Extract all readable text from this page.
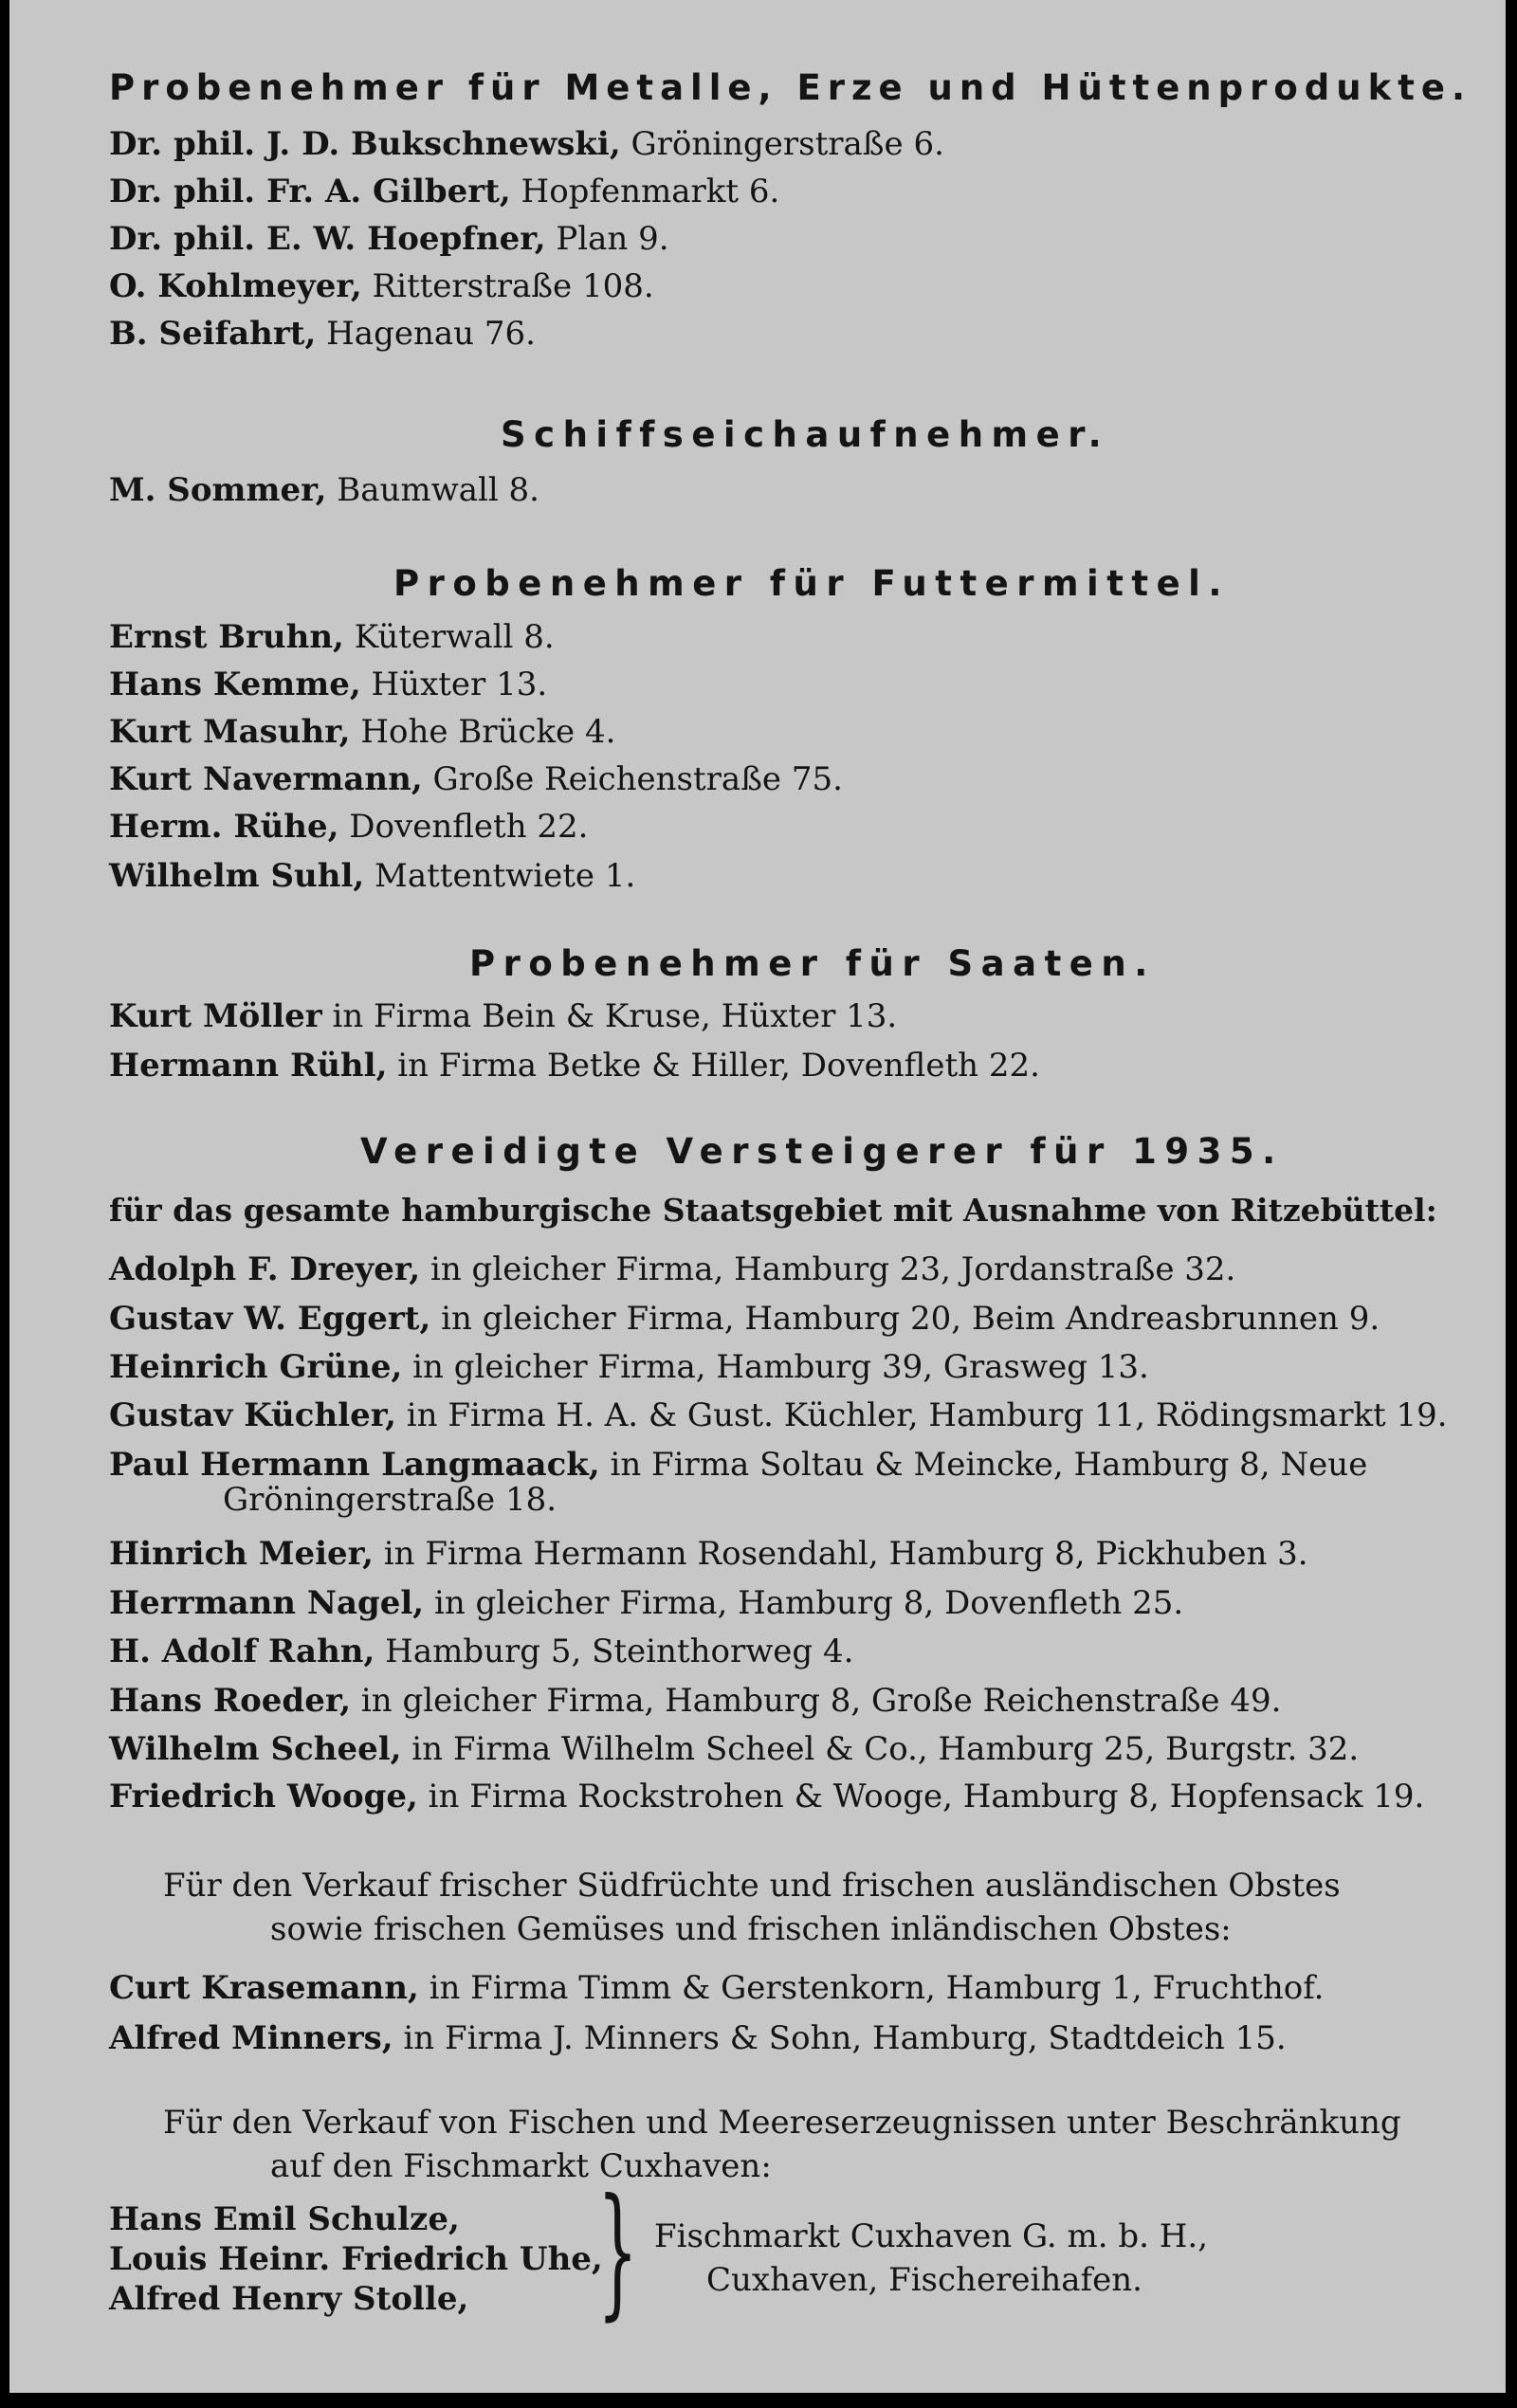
Probenehmer für Metalle, Erze und Hüttenprodukte.
Dr. phil. J. D. Bukschnewski, Gröningerstraße 6.
Dr. phil. Fr. A. Gilbert, Hopfenmarkt 6.
Dr. phil. E. W. Hoepfner, Plan 9.
O. Kohlmeyer, Ritterstraße 108.
B. Seifahrt, Hagenau 76.
Schiffseichaufnehmer.
M. Sommer, Baumwall 8.
Probenehmer für Futtermittel.
Ernst Bruhn, Küterwall 8.
Hans Kemme, Hüxter 13.
Kurt Masuhr, Hohe Brücke 4.
Kurt Navermann, Große Reichenstraße 75.
Herm. Rühe, Dovenfleth 22.
Wilhelm Suhl, Mattentwiete 1.
Probenehmer für Saaten.
Kurt Möller in Firma Bein & Kruse, Hüxter 13.
Hermann Rühl, in Firma Betke & Hiller, Dovenfleth 22.
Vereidigte Versteigerer für 1935.
für das gesamte hamburgische Staatsgebiet mit Ausnahme von Ritzebüttel:
Adolph F. Dreyer, in gleicher Firma, Hamburg 23, Jordanstraße 32.
Gustav W. Eggert, in gleicher Firma, Hamburg 20, Beim Andreasbrunnen 9.
Heinrich Grüne, in gleicher Firma, Hamburg 39, Grasweg 13.
Gustav Küchler, in Firma H. A. & Gust. Küchler, Hamburg 11, Rödingsmarkt 19.
Paul Hermann Langmaack, in Firma Soltau & Meincke, Hamburg 8, Neue
Gröningerstraße 18.
Hinrich Meier, in Firma Hermann Rosendahl, Hamburg 8, Pickhuben 3.
Herrmann Nagel, in gleicher Firma, Hamburg 8, Dovenfleth 25.
H. Adolf Rahn, Hamburg 5, Steinthorweg 4.
Hans Roeder, in gleicher Firma, Hamburg 8, Große Reichenstraße 49.
Wilhelm Scheel, in Firma Wilhelm Scheel & Co., Hamburg 25, Burgstr. 32.
Friedrich Wooge, in Firma Rockstrohen & Wooge, Hamburg 8, Hopfensack 19.
Für den Verkauf frischer Südfrüchte und frischen ausländischen Obstes
sowie frischen Gemüses und frischen inländischen Obstes:
Curt Krasemann, in Firma Timm & Gerstenkorn, Hamburg 1, Fruchthof.
Alfred Minners, in Firma J. Minners & Sohn, Hamburg, Stadtdeich 15.
Für den Verkauf von Fischen und Meereserzeugnissen unter Beschränkung
auf den Fischmarkt Cuxhaven:
Hans Emil Schulze,
Louis Heinr. Friedrich Uhe,
Alfred Henry Stolle, } Fischmarkt Cuxhaven G. m. b. H.,
Cuxhaven, Fischereihafen.
